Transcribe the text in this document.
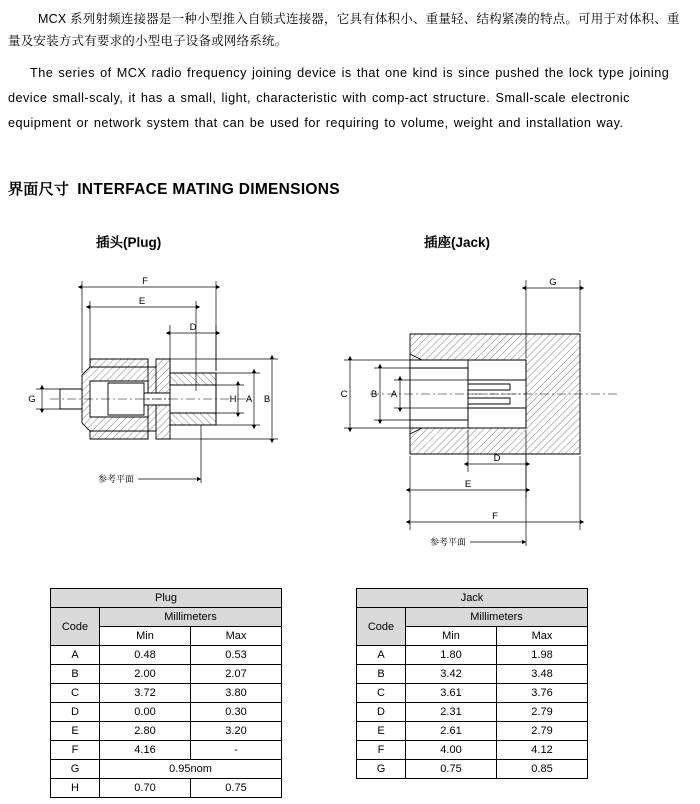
MCX 系列射频连接器是一种小型推入自锁式连接器，它具有体积小、重量轻、结构紧凑的特点。可用于对体积、重量及安装方式有要求的小型电子设备或网络系统。

The series of MCX radio frequency joining device is that one kind is since pushed the lock type joining device small-scaly, it has a small, light, characteristic with comp-act structure. Small-scale electronic equipment or network system that can be used for requiring to volume, weight and installation way.

界面尺寸 INTERFACE MATING DIMENSIONS
插头(Plug)	插座(Jack)
F
E
D
H A B
G
参考平面
G
C B A
D
E
F
参考平面
Plug		
Code	Millimeters	
	Min	Max
A	0.48	0.53
B	2.00	2.07
C	3.72	3.80
D	0.00	0.30
E	2.80	3.20
F	4.16	-
G	0.95nom	
H	0.70	0.75
Jack		
Code	Millimeters	
	Min	Max
A	1.80	1.98
B	3.42	3.48
C	3.61	3.76
D	2.31	2.79
E	2.61	2.79
F	4.00	4.12
G	0.75	0.85
